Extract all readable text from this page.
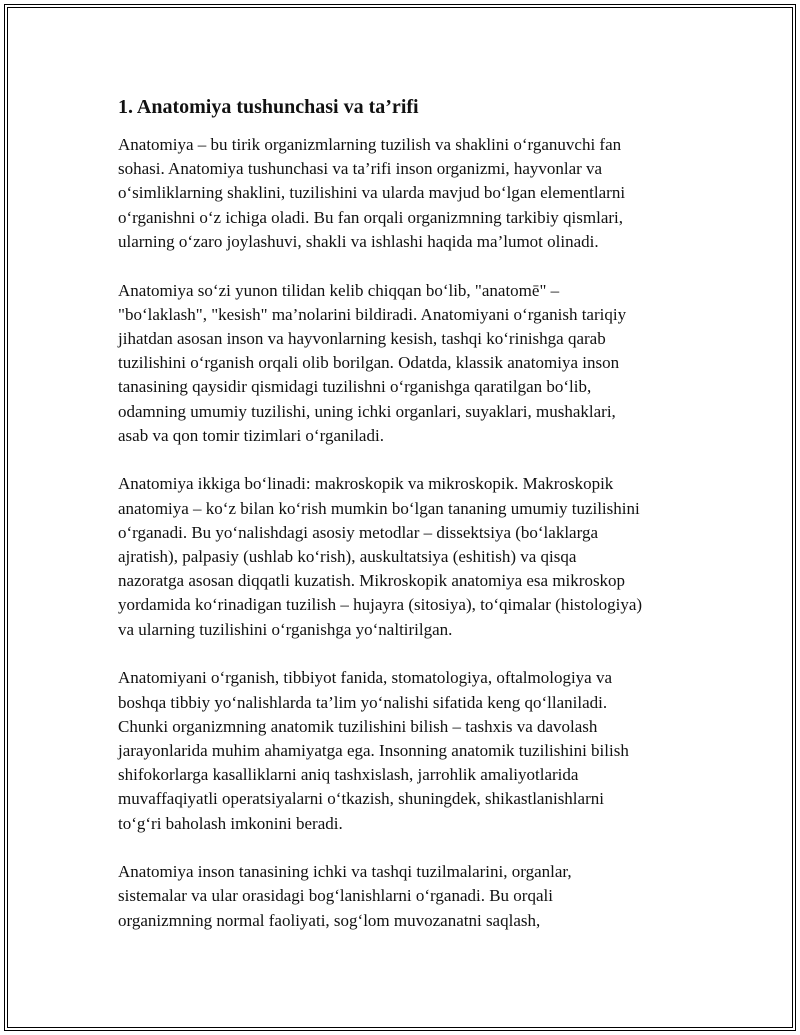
1. Anatomiya tushunchasi va ta’rifi
Anatomiya – bu tirik organizmlarning tuzilish va shaklini oʻrganuvchi fan
sohasi. Anatomiya tushunchasi va ta’rifi inson organizmi, hayvonlar va
oʻsimliklarning shaklini, tuzilishini va ularda mavjud boʻlgan elementlarni
oʻrganishni oʻz ichiga oladi. Bu fan orqali organizmning tarkibiy qismlari,
ularning oʻzaro joylashuvi, shakli va ishlashi haqida ma’lumot olinadi.
Anatomiya soʻzi yunon tilidan kelib chiqqan boʻlib, "anatomē" –
"boʻlaklash", "kesish" ma’nolarini bildiradi. Anatomiyani oʻrganish tariqiy
jihatdan asosan inson va hayvonlarning kesish, tashqi koʻrinishga qarab
tuzilishini oʻrganish orqali olib borilgan. Odatda, klassik anatomiya inson
tanasining qaysidir qismidagi tuzilishni oʻrganishga qaratilgan boʻlib,
odamning umumiy tuzilishi, uning ichki organlari, suyaklari, mushaklari,
asab va qon tomir tizimlari oʻrganiladi.
Anatomiya ikkiga boʻlinadi: makroskopik va mikroskopik. Makroskopik
anatomiya – koʻz bilan koʻrish mumkin boʻlgan tananing umumiy tuzilishini
oʻrganadi. Bu yoʻnalishdagi asosiy metodlar – dissektsiya (boʻlaklarga
ajratish), palpasiy (ushlab koʻrish), auskultatsiya (eshitish) va qisqa
nazoratga asosan diqqatli kuzatish. Mikroskopik anatomiya esa mikroskop
yordamida koʻrinadigan tuzilish – hujayra (sitosiya), toʻqimalar (histologiya)
va ularning tuzilishini oʻrganishga yoʻnaltirilgan.
Anatomiyani oʻrganish, tibbiyot fanida, stomatologiya, oftalmologiya va
boshqa tibbiy yoʻnalishlarda ta’lim yoʻnalishi sifatida keng qoʻllaniladi.
Chunki organizmning anatomik tuzilishini bilish – tashxis va davolash
jarayonlarida muhim ahamiyatga ega. Insonning anatomik tuzilishini bilish
shifokorlarga kasalliklarni aniq tashxislash, jarrohlik amaliyotlarida
muvaffaqiyatli operatsiyalarni oʻtkazish, shuningdek, shikastlanishlarni
toʻgʻri baholash imkonini beradi.
Anatomiya inson tanasining ichki va tashqi tuzilmalarini, organlar,
sistemalar va ular orasidagi bogʻlanishlarni oʻrganadi. Bu orqali
organizmning normal faoliyati, sogʻlom muvozanatni saqlash,
